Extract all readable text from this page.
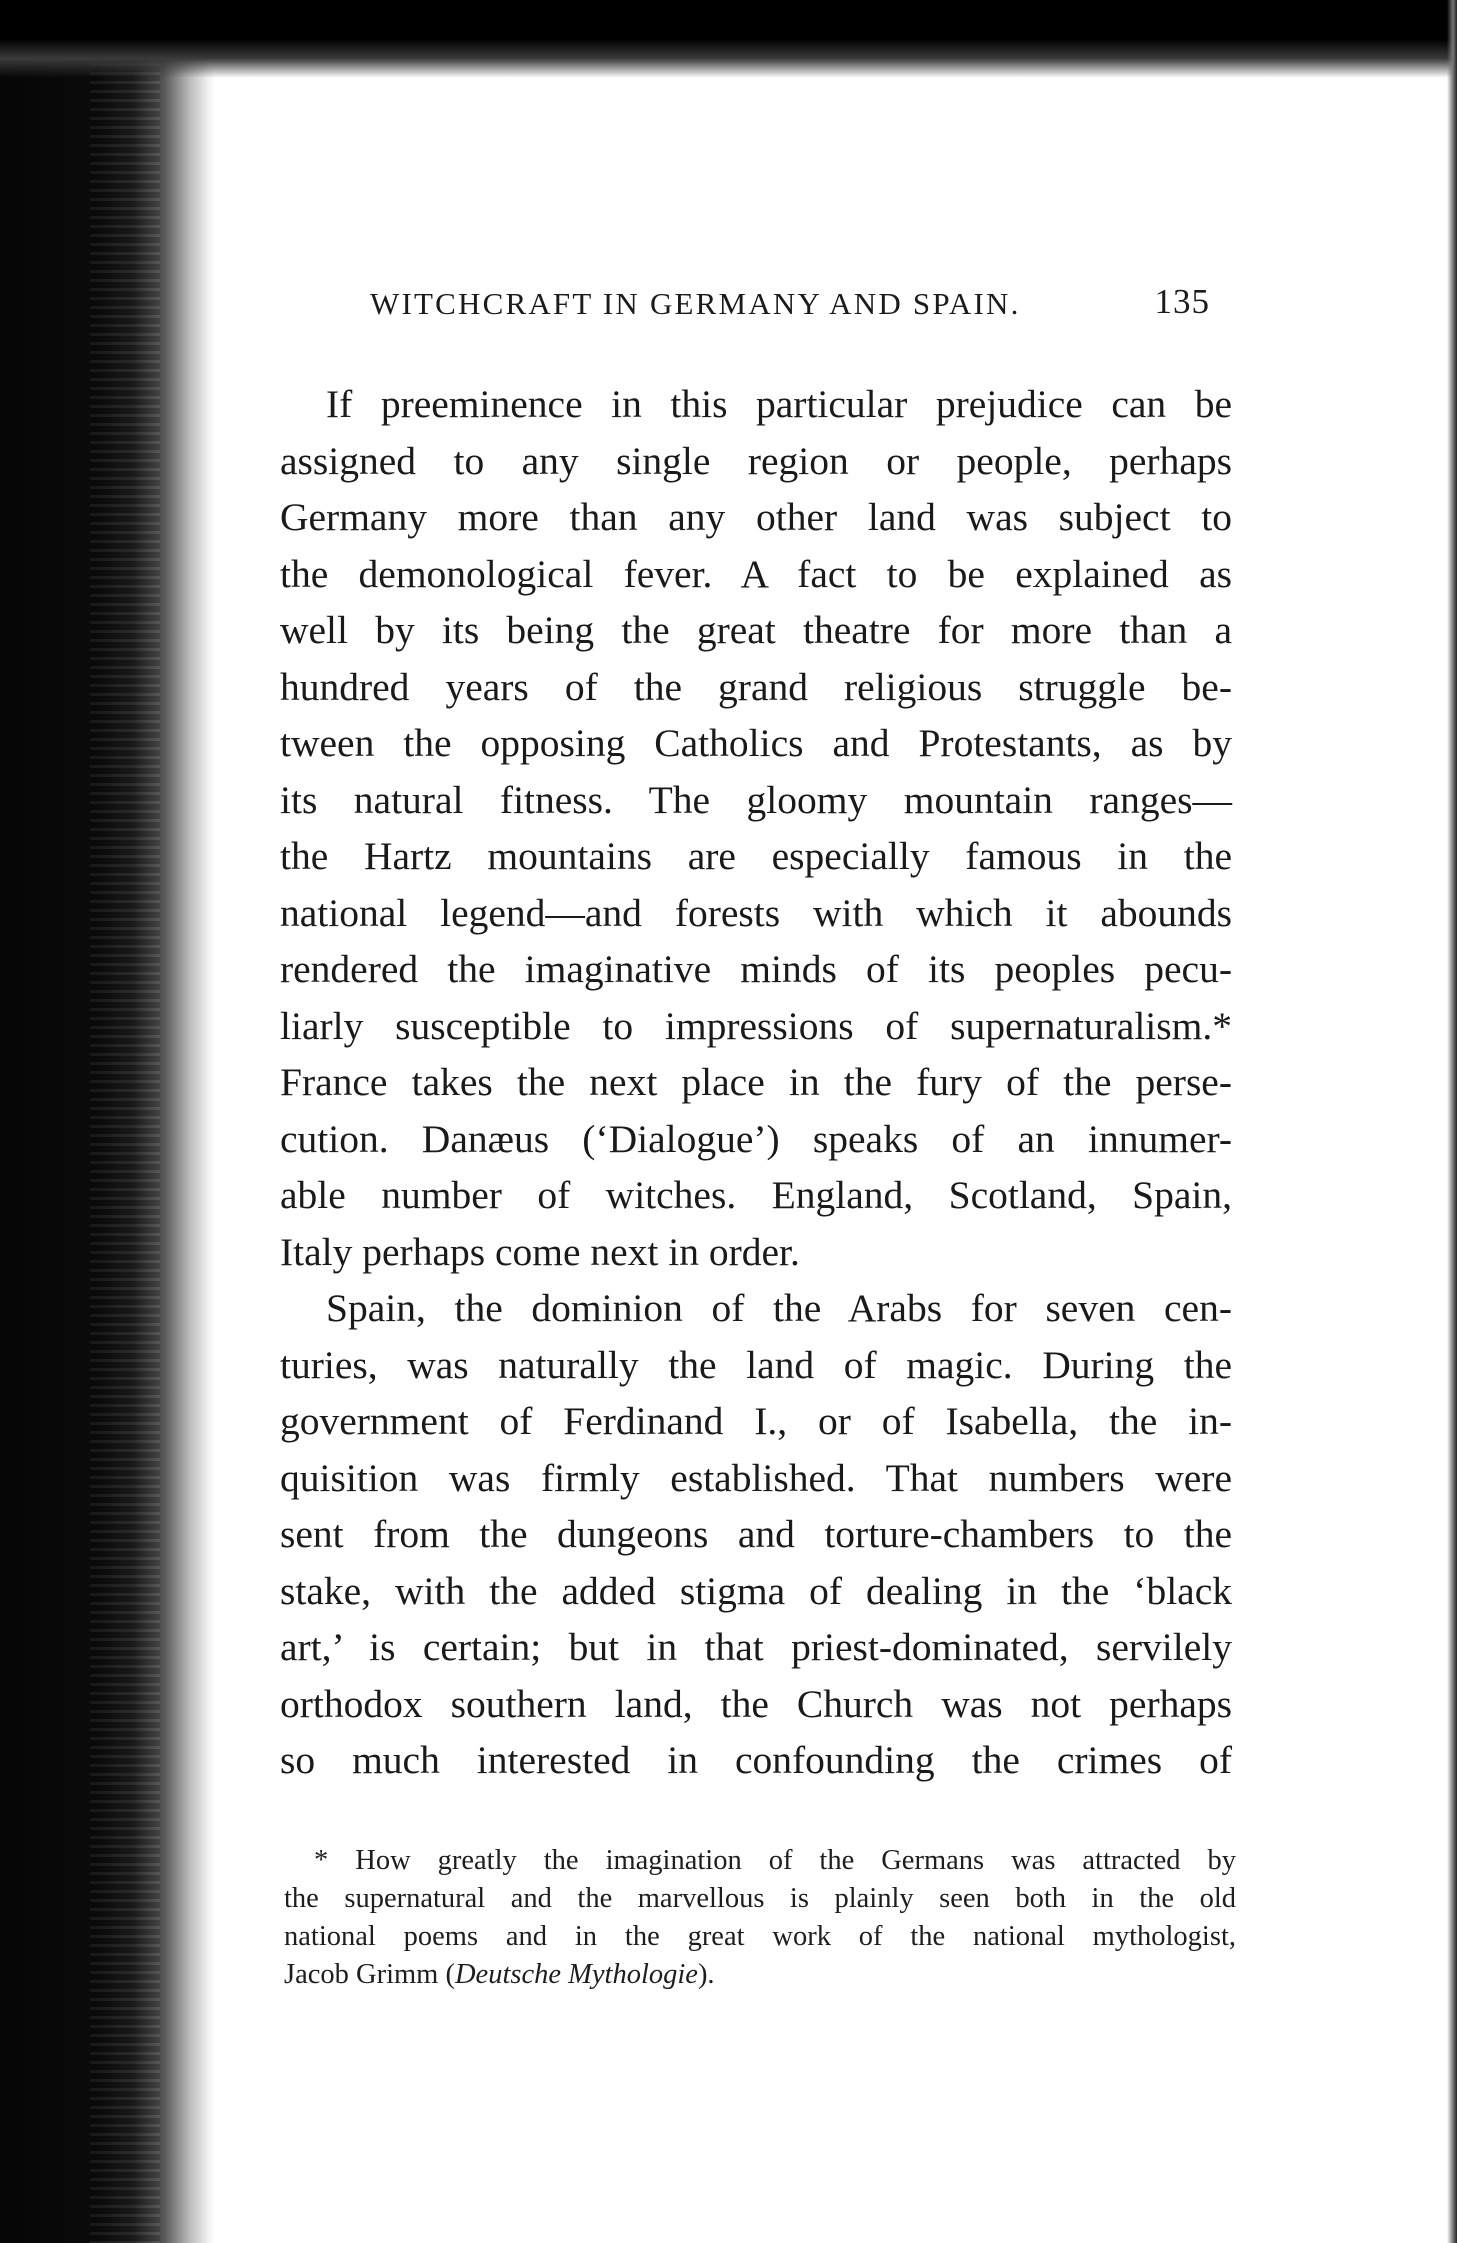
WITCHCRAFT IN GERMANY AND SPAIN.	135
If preeminence in this particular prejudice can be
assigned to any single region or people, perhaps
Germany more than any other land was subject to
the demonological fever. A fact to be explained as
well by its being the great theatre for more than a
hundred years of the grand religious struggle be-
tween the opposing Catholics and Protestants, as by
its natural fitness. The gloomy mountain ranges—
the Hartz mountains are especially famous in the
national legend—and forests with which it abounds
rendered the imaginative minds of its peoples pecu-
liarly susceptible to impressions of supernaturalism.*
France takes the next place in the fury of the perse-
cution. Danæus (‘Dialogue’) speaks of an innumer-
able number of witches. England, Scotland, Spain,
Italy perhaps come next in order.
Spain, the dominion of the Arabs for seven cen-
turies, was naturally the land of magic. During the
government of Ferdinand I., or of Isabella, the in-
quisition was firmly established. That numbers were
sent from the dungeons and torture-chambers to the
stake, with the added stigma of dealing in the ‘black
art,’ is certain; but in that priest-dominated, servilely
orthodox southern land, the Church was not perhaps
so much interested in confounding the crimes of
* How greatly the imagination of the Germans was attracted by
the supernatural and the marvellous is plainly seen both in the old
national poems and in the great work of the national mythologist,
Jacob Grimm (Deutsche Mythologie).
